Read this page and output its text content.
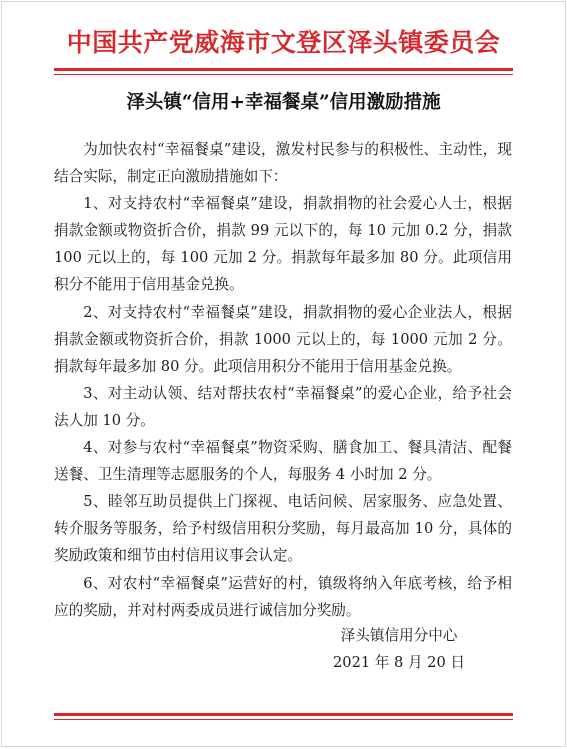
中国共产党威海市文登区泽头镇委员会
泽头镇“信用+幸福餐桌”信用激励措施

为加快农村“幸福餐桌”建设，激发村民参与的积极性、主动性，现结合实际，制定正向激励措施如下：

1、对支持农村“幸福餐桌”建设，捐款捐物的社会爱心人士，根据捐款金额或物资折合价，捐款 99 元以下的，每 10 元加 0.2 分，捐款 100 元以上的，每 100 元加 2 分。捐款每年最多加 80 分。此项信用积分不能用于信用基金兑换。

2、对支持农村“幸福餐桌”建设，捐款捐物的爱心企业法人，根据捐款金额或物资折合价，捐款 1000 元以上的，每 1000 元加 2 分。捐款每年最多加 80 分。此项信用积分不能用于信用基金兑换。

3、对主动认领、结对帮扶农村“幸福餐桌”的爱心企业，给予社会法人加 10 分。

4、对参与农村“幸福餐桌”物资采购、膳食加工、餐具清洁、配餐送餐、卫生清理等志愿服务的个人，每服务 4 小时加 2 分。

5、睦邻互助员提供上门探视、电话问候、居家服务、应急处置、转介服务等服务，给予村级信用积分奖励，每月最高加 10 分，具体的奖励政策和细节由村信用议事会认定。

6、对农村“幸福餐桌”运营好的村，镇级将纳入年底考核，给予相应的奖励，并对村两委成员进行诚信加分奖励。

泽头镇信用分中心
2021 年 8 月 20 日
